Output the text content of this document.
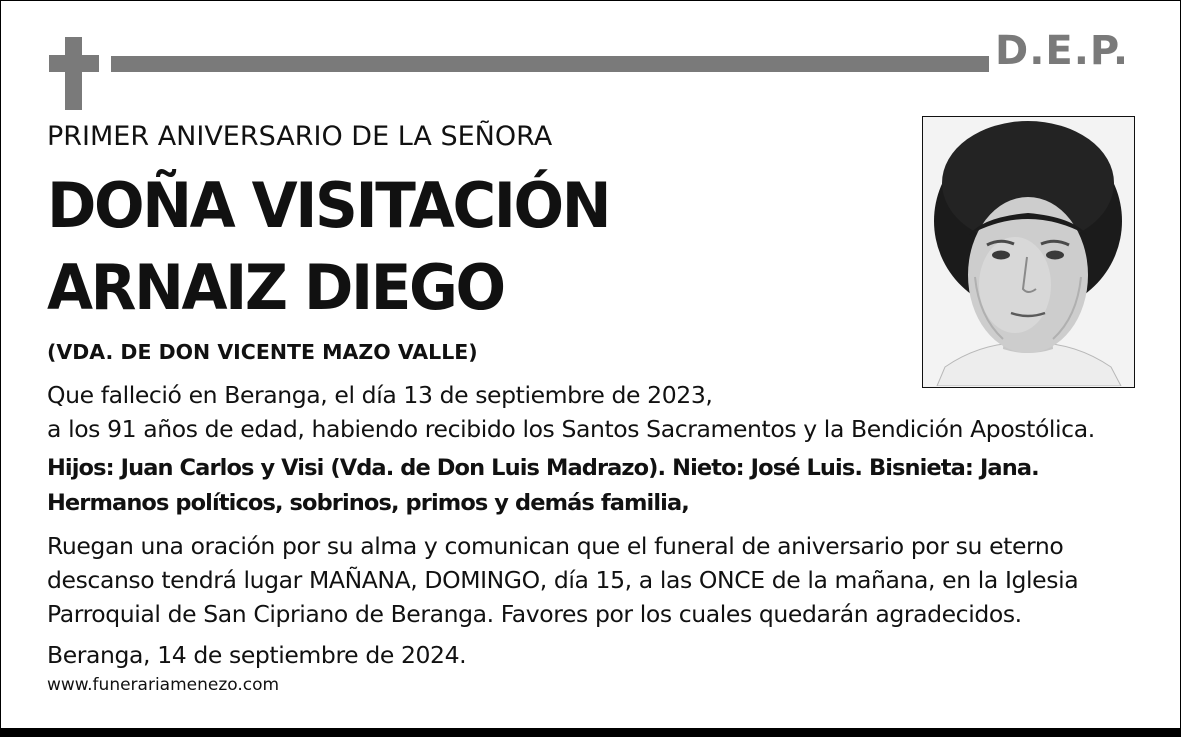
D.E.P.
PRIMER ANIVERSARIO DE LA SEÑORA
DOÑA VISITACIÓN
ARNAIZ DIEGO
(VDA. DE DON VICENTE MAZO VALLE)
Que falleció en Beranga, el día 13 de septiembre de 2023,
a los 91 años de edad, habiendo recibido los Santos Sacramentos y la Bendición Apostólica.
Hijos: Juan Carlos y Visi (Vda. de Don Luis Madrazo). Nieto: José Luis. Bisnieta: Jana.
Hermanos políticos, sobrinos, primos y demás familia,
Ruegan una oración por su alma y comunican que el funeral de aniversario por su eterno
descanso tendrá lugar MAÑANA, DOMINGO, día 15, a las ONCE de la mañana, en la Iglesia
Parroquial de San Cipriano de Beranga. Favores por los cuales quedarán agradecidos.
Beranga, 14 de septiembre de 2024.
www.funerariamenezo.com
